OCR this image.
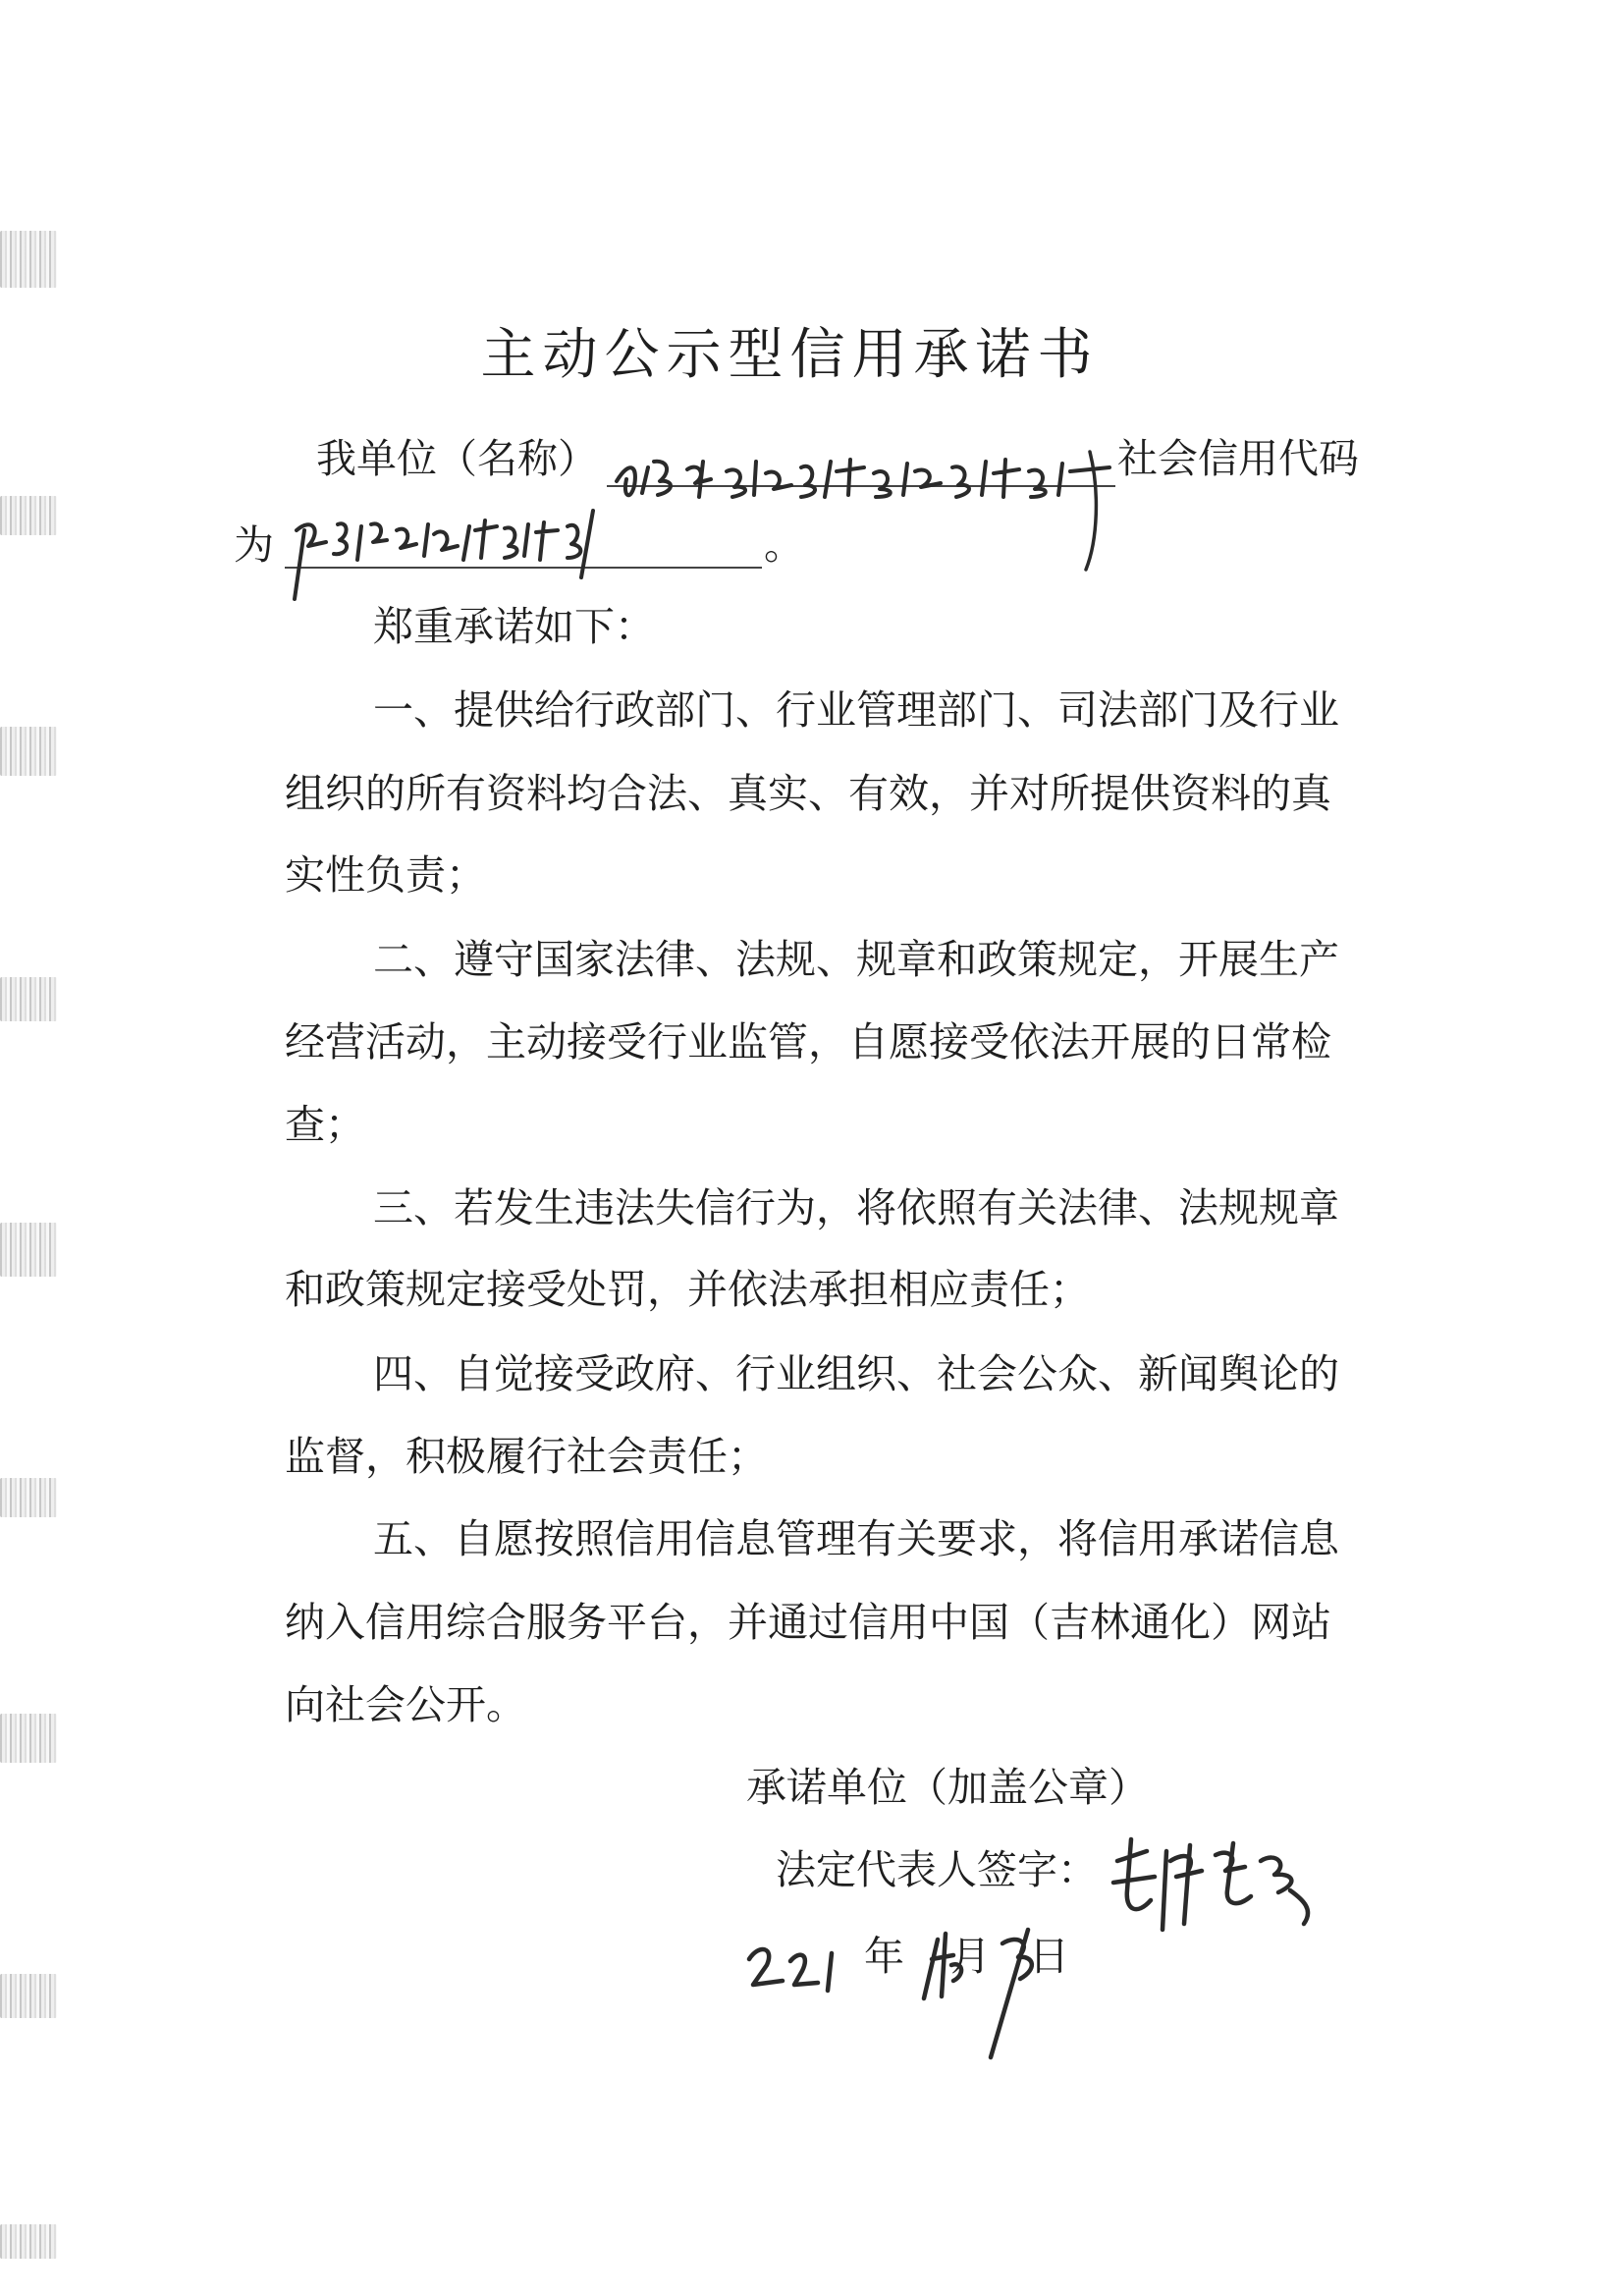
主动公示型信用承诺书
我单位（名称）	社会信用代码
为	。
郑重承诺如下：
一、提供给行政部门、行业管理部门、司法部门及行业
组织的所有资料均合法、真实、有效，并对所提供资料的真
实性负责；
二、遵守国家法律、法规、规章和政策规定，开展生产
经营活动，主动接受行业监管，自愿接受依法开展的日常检
查；
三、若发生违法失信行为，将依照有关法律、法规规章
和政策规定接受处罚，并依法承担相应责任；
四、自觉接受政府、行业组织、社会公众、新闻舆论的
监督，积极履行社会责任；
五、自愿按照信用信息管理有关要求，将信用承诺信息
纳入信用综合服务平台，并通过信用中国（吉林通化）网站
向社会公开。
承诺单位（加盖公章）
法定代表人签字：
年 月 日
